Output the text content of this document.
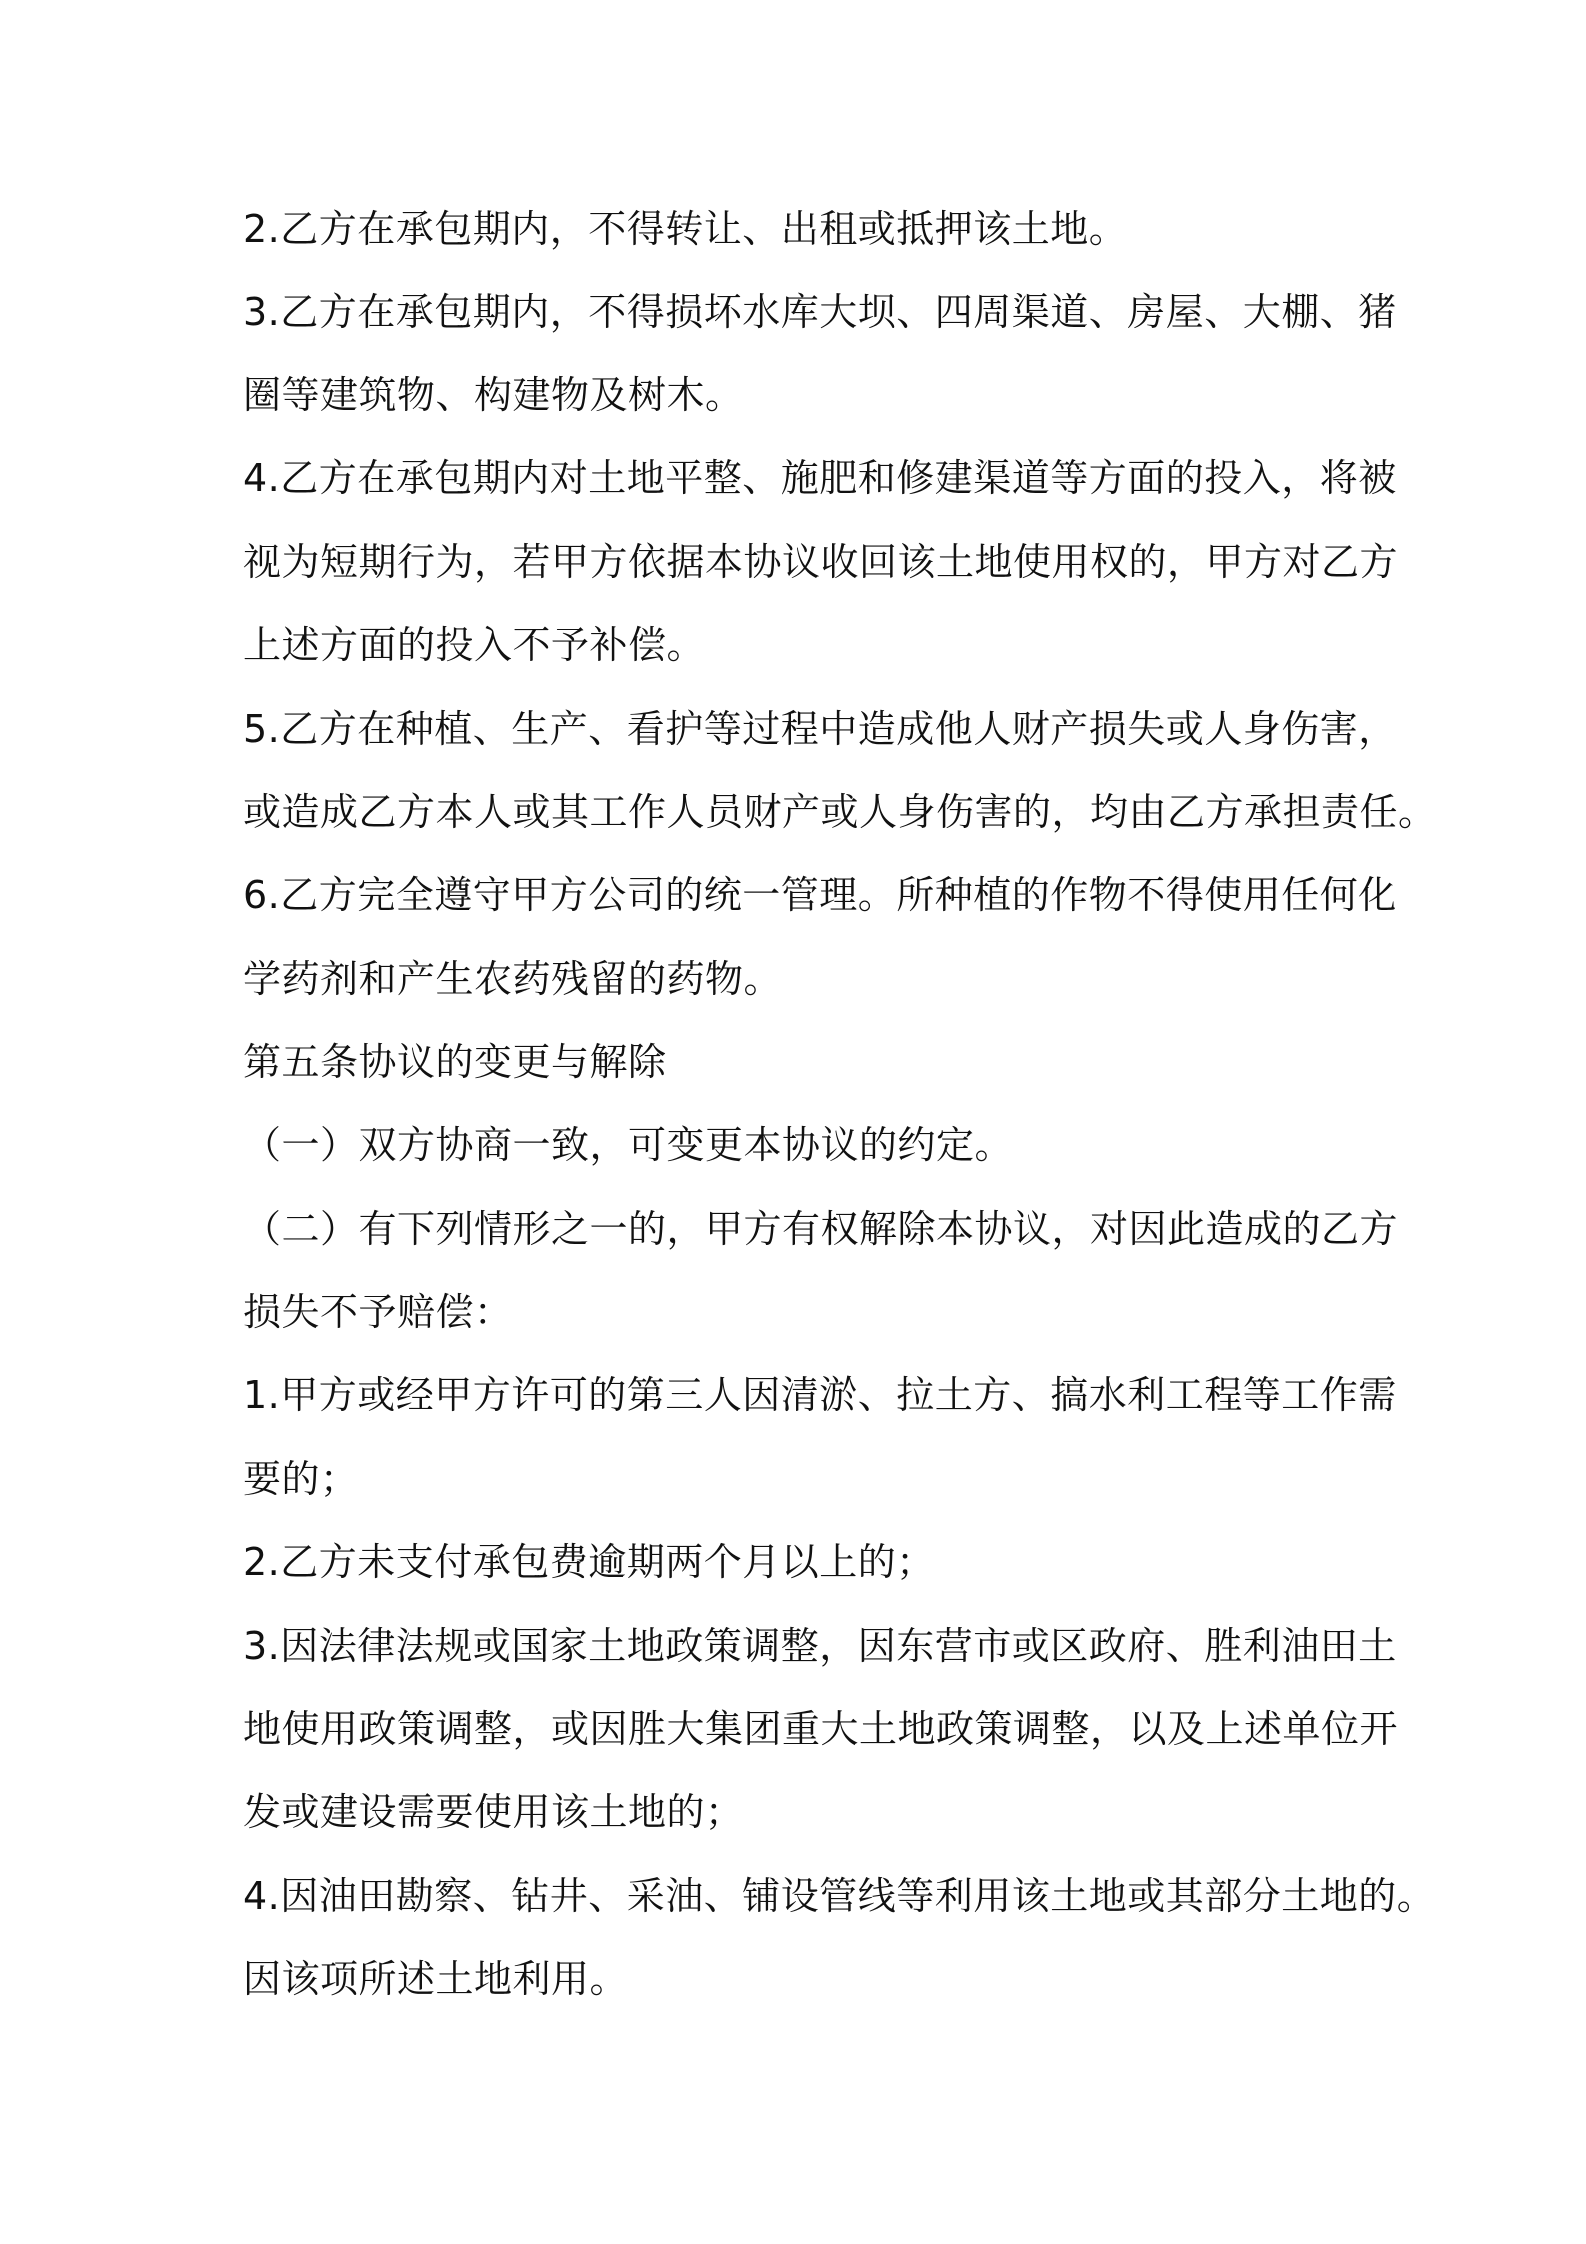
2.乙方在承包期内，不得转让、出租或抵押该土地。
3.乙方在承包期内，不得损坏水库大坝、四周渠道、房屋、大棚、猪
圈等建筑物、构建物及树木。
4.乙方在承包期内对土地平整、施肥和修建渠道等方面的投入，将被
视为短期行为，若甲方依据本协议收回该土地使用权的，甲方对乙方
上述方面的投入不予补偿。
5.乙方在种植、生产、看护等过程中造成他人财产损失或人身伤害，
或造成乙方本人或其工作人员财产或人身伤害的，均由乙方承担责任。
6.乙方完全遵守甲方公司的统一管理。所种植的作物不得使用任何化
学药剂和产生农药残留的药物。
第五条协议的变更与解除
（一）双方协商一致，可变更本协议的约定。
（二）有下列情形之一的，甲方有权解除本协议，对因此造成的乙方
损失不予赔偿：
1.甲方或经甲方许可的第三人因清淤、拉土方、搞水利工程等工作需
要的；
2.乙方未支付承包费逾期两个月以上的；
3.因法律法规或国家土地政策调整，因东营市或区政府、胜利油田土
地使用政策调整，或因胜大集团重大土地政策调整，以及上述单位开
发或建设需要使用该土地的；
4.因油田勘察、钻井、采油、铺设管线等利用该土地或其部分土地的。
因该项所述土地利用。
